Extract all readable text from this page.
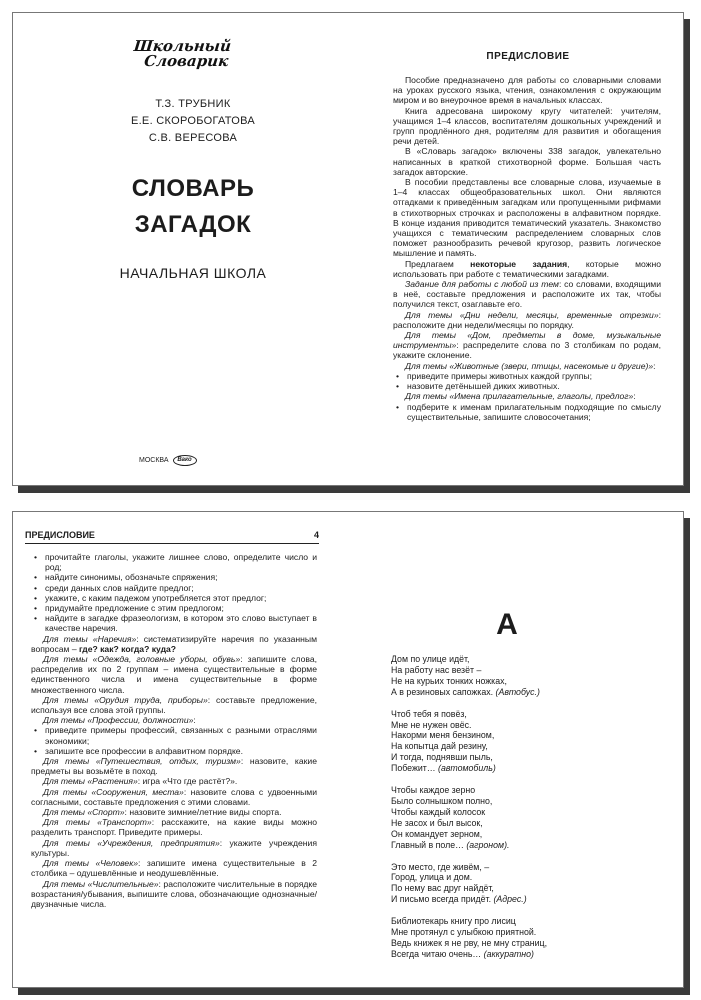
Школьный
Словарик
Т.З. ТРУБНИК
Е.Е. СКОРОБОГАТОВА
С.В. ВЕРЕСОВА
СЛОВАРЬ
ЗАГАДОК
НАЧАЛЬНАЯ ШКОЛА
МОСКВА	Вако
ПРЕДИСЛОВИЕ

Пособие предназначено для работы со словарными словами на уроках русского языка, чтения, ознакомления с окружающим миром и во внеурочное время в начальных классах.

Книга адресована широкому кругу читателей: учителям, учащимся 1–4 классов, воспитателям дошкольных учреждений и групп продлённого дня, родителям для развития и обогащения речи детей.

В «Словарь загадок» включены 338 загадок, увлекательно написанных в краткой стихотворной форме. Большая часть загадок авторские.

В пособии представлены все словарные слова, изучаемые в 1–4 классах общеобразовательных школ. Они являются отгадками к приведённым загадкам или пропущенными рифмами в стихотворных строчках и расположены в алфавитном порядке. В конце издания приводится тематический указатель. Знакомство учащихся с тематическим распределением словарных слов поможет разнообразить речевой кругозор, развить логическое мышление и память.

Предлагаем некоторые задания, которые можно использовать при работе с тематическими загадками.

Задание для работы с любой из тем: со словами, входящими в неё, составьте предложения и расположите их так, чтобы получился текст, озаглавьте его.

Для темы «Дни недели, месяцы, временные отрезки»: расположите дни недели/месяцы по порядку.

Для темы «Дом, предметы в доме, музыкальные инструменты»: распределите слова по 3 столбикам по родам, укажите склонение.

Для темы «Животные (звери, птицы, насекомые и другие)»:

• приведите примеры животных каждой группы;
• назовите детёнышей диких животных.

Для темы «Имена прилагательные, глаголы, предлог»:

• подберите к именам прилагательным подходящие по смыслу существительные, запишите словосочетания;
ПРЕДИСЛОВИЕ	4
• прочитайте глаголы, укажите лишнее слово, определите число и род;
• найдите синонимы, обозначьте спряжения;
• среди данных слов найдите предлог;
• укажите, с каким падежом употребляется этот предлог;
• придумайте предложение с этим предлогом;
• найдите в загадке фразеологизм, в котором это слово выступает в качестве наречия.

Для темы «Наречия»: систематизируйте наречия по указанным вопросам – где? как? когда? куда?

Для темы «Одежда, головные уборы, обувь»: запишите слова, распределив их по 2 группам – имена существительные в форме единственного числа и имена существительные в форме множественного числа.

Для темы «Орудия труда, приборы»: составьте предложение, используя все слова этой группы.

Для темы «Профессии, должности»:

• приведите примеры профессий, связанных с разными отраслями экономики;
• запишите все профессии в алфавитном порядке.

Для темы «Путешествия, отдых, туризм»: назовите, какие предметы вы возьмёте в поход.

Для темы «Растения»: игра «Что где растёт?».

Для темы «Сооружения, места»: назовите слова с удвоенными согласными, составьте предложения с этими словами.

Для темы «Спорт»: назовите зимние/летние виды спорта.

Для темы «Транспорт»: расскажите, на какие виды можно разделить транспорт. Приведите примеры.

Для темы «Учреждения, предприятия»: укажите учреждения культуры.

Для темы «Человек»: запишите имена существительные в 2 столбика – одушевлённые и неодушевлённые.

Для темы «Числительные»: расположите числительные в порядке возрастания/убывания, выпишите слова, обозначающие однозначные/двузначные числа.

А
Дом по улице идёт,
На работу нас везёт –
Не на курьих тонких ножках,
А в резиновых сапожках. (Автобус.)
Чтоб тебя я повёз,
Мне не нужен овёс.
Накорми меня бензином,
На копытца дай резину,
И тогда, поднявши пыль,
Побежит… (автомобиль)
Чтобы каждое зерно
Было солнышком полно,
Чтобы каждый колосок
Не засох и был высок,
Он командует зерном,
Главный в поле… (агроном).
Это место, где живём, –
Город, улица и дом.
По нему вас друг найдёт,
И письмо всегда придёт. (Адрес.)
Библиотекарь книгу про лисиц
Мне протянул с улыбкою приятной.
Ведь книжек я не рву, не мну страниц,
Всегда читаю очень… (аккуратно)
